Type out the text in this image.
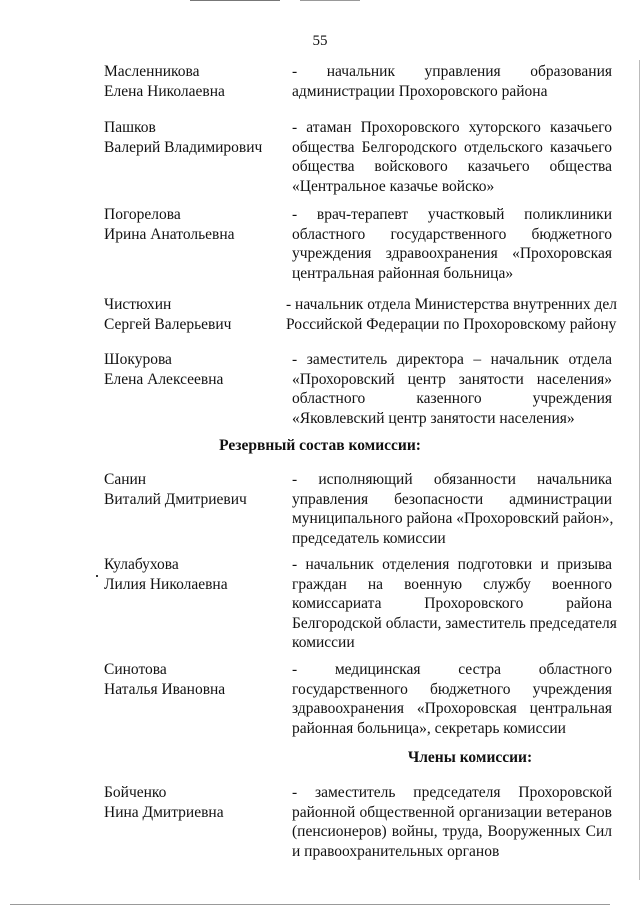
55
Масленникова
Елена Николаевна
- начальник управления образования
администрации Прохоровского района
Пашков
Валерий Владимирович
- атаман Прохоровского хуторского казачьего
общества Белгородского отдельского казачьего
общества войскового казачьего общества
«Центральное казачье войско»
Погорелова
Ирина Анатольевна
- врач-терапевт участковый поликлиники
областного государственного бюджетного
учреждения здравоохранения «Прохоровская
центральная районная больница»
Чистюхин
Сергей Валерьевич
- начальник отдела Министерства внутренних дел
Российской Федерации по Прохоровскому району
Шокурова
Елена Алексеевна
- заместитель директора – начальник отдела
«Прохоровский центр занятости населения»
областного казенного учреждения
«Яковлевский центр занятости населения»
Резервный состав комиссии:
Санин
Виталий Дмитриевич
- исполняющий обязанности начальника
управления безопасности администрации
муниципального района «Прохоровский район»,
председатель комиссии
Кулабухова
Лилия Николаевна
- начальник отделения подготовки и призыва
граждан на военную службу военного
комиссариата Прохоровского района
Белгородской области, заместитель председателя
комиссии
Синотова
Наталья Ивановна
- медицинская сестра областного
государственного бюджетного учреждения
здравоохранения «Прохоровская центральная
районная больница», секретарь комиссии
Члены комиссии:
Бойченко
Нина Дмитриевна
- заместитель председателя Прохоровской
районной общественной организации ветеранов
(пенсионеров) войны, труда, Вооруженных Сил
и правоохранительных органов
